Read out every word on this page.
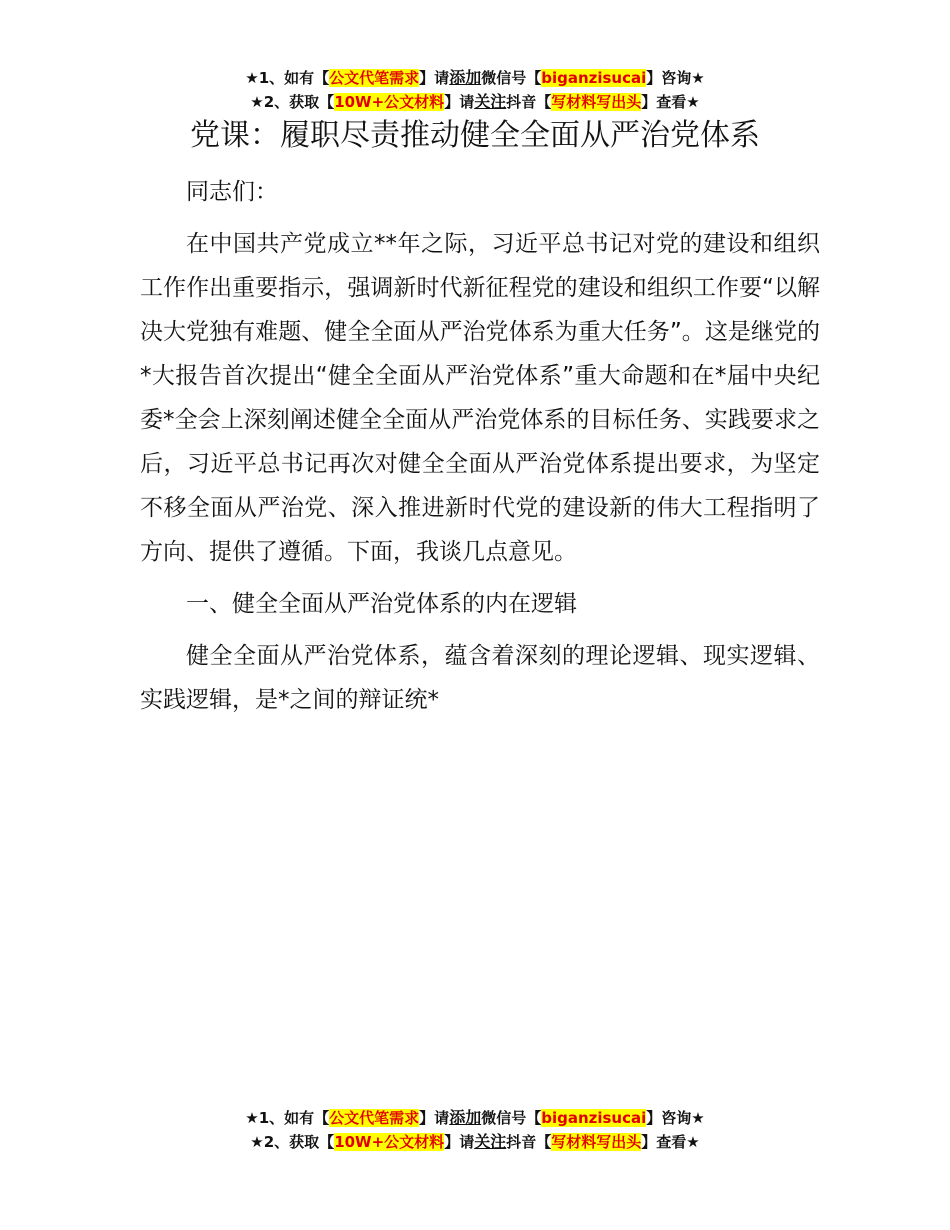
★1、如有【公文代笔需求】请添加微信号【biganzisucai】咨询★
★2、获取【10W+公文材料】请关注抖音【写材料写出头】查看★
党课：履职尽责推动健全全面从严治党体系

同志们：

在中国共产党成立**年之际，习近平总书记对党的建设和组织工作作出重要指示，强调新时代新征程党的建设和组织工作要“以解决大党独有难题、健全全面从严治党体系为重大任务”。这是继党的*大报告首次提出“健全全面从严治党体系”重大命题和在*届中央纪委*全会上深刻阐述健全全面从严治党体系的目标任务、实践要求之后，习近平总书记再次对健全全面从严治党体系提出要求，为坚定不移全面从严治党、深入推进新时代党的建设新的伟大工程指明了方向、提供了遵循。下面，我谈几点意见。

一、健全全面从严治党体系的内在逻辑

健全全面从严治党体系，蕴含着深刻的理论逻辑、现实逻辑、实践逻辑，是*之间的辩证统*

★1、如有【公文代笔需求】请添加微信号【biganzisucai】咨询★
★2、获取【10W+公文材料】请关注抖音【写材料写出头】查看★
